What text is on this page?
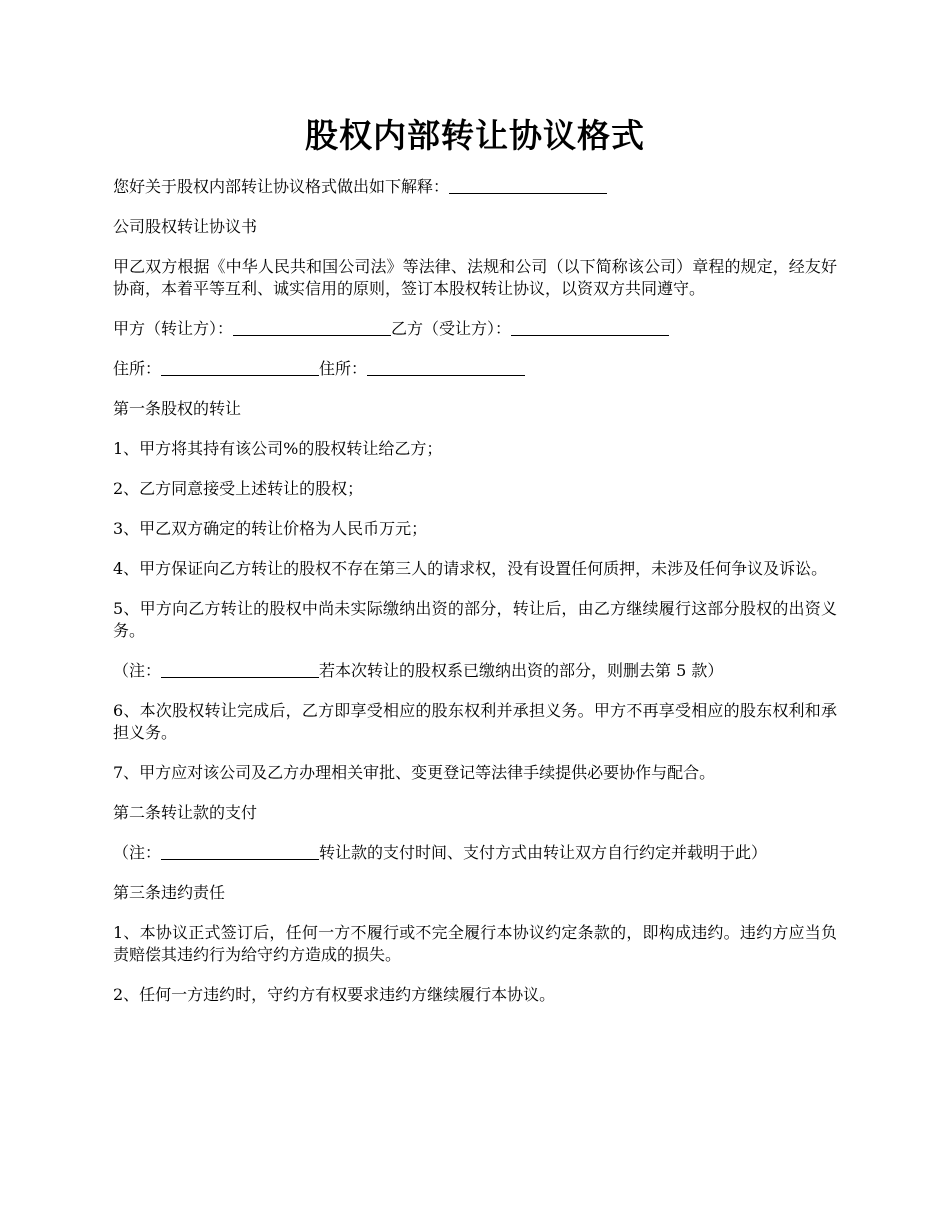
股权内部转让协议格式

您好关于股权内部转让协议格式做出如下解释：

公司股权转让协议书

甲乙双方根据《中华人民共和国公司法》等法律、法规和公司（以下简称该公司）章程的规定，经友好协商，本着平等互利、诚实信用的原则，签订本股权转让协议，以资双方共同遵守。

甲方（转让方）：	乙方（受让方）：

住所：	住所：

第一条股权的转让

1、甲方将其持有该公司%的股权转让给乙方；

2、乙方同意接受上述转让的股权；

3、甲乙双方确定的转让价格为人民币万元；

4、甲方保证向乙方转让的股权不存在第三人的请求权，没有设置任何质押，未涉及任何争议及诉讼。

5、甲方向乙方转让的股权中尚未实际缴纳出资的部分，转让后，由乙方继续履行这部分股权的出资义务。

（注：	若本次转让的股权系已缴纳出资的部分，则删去第 5 款）

6、本次股权转让完成后，乙方即享受相应的股东权利并承担义务。甲方不再享受相应的股东权利和承担义务。

7、甲方应对该公司及乙方办理相关审批、变更登记等法律手续提供必要协作与配合。

第二条转让款的支付

（注：	转让款的支付时间、支付方式由转让双方自行约定并载明于此）

第三条违约责任

1、本协议正式签订后，任何一方不履行或不完全履行本协议约定条款的，即构成违约。违约方应当负责赔偿其违约行为给守约方造成的损失。

2、任何一方违约时，守约方有权要求违约方继续履行本协议。
